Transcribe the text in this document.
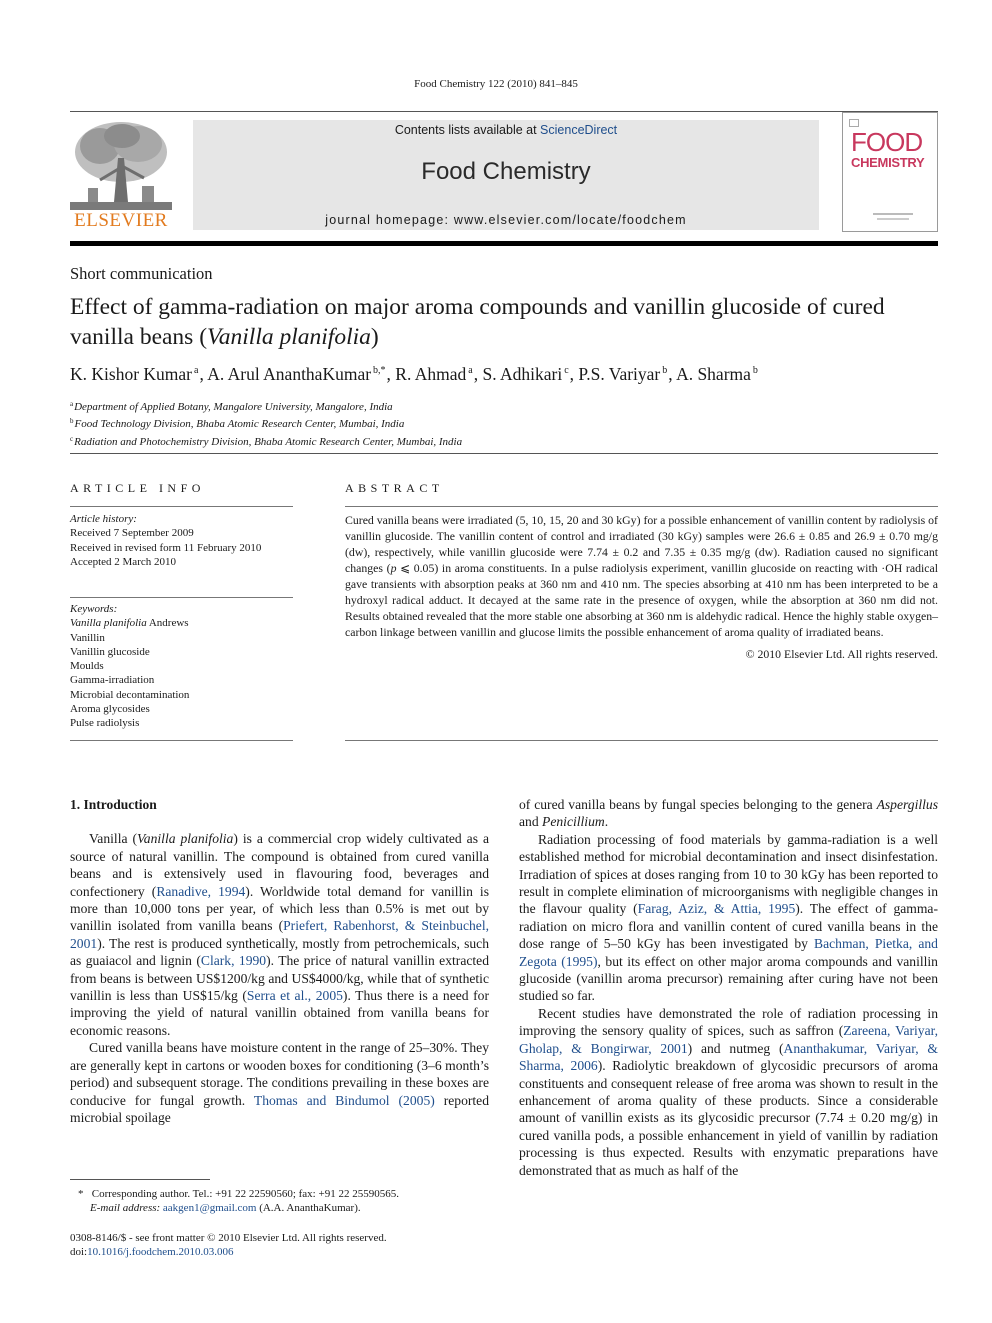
Food Chemistry 122 (2010) 841–845
ELSEVIER
Contents lists available at ScienceDirect
Food Chemistry
journal homepage: www.elsevier.com/locate/foodchem
FOOD
CHEMISTRY
Short communication
Effect of gamma-radiation on major aroma compounds and vanillin glucoside of cured vanilla beans (Vanilla planifolia)
K. Kishor Kumar $^a$, A. Arul AnanthaKumar $^{b,*}$, R. Ahmad $^a$, S. Adhikari $^c$, P.S. Variyar $^b$, A. Sharma $^b$
$^a$Department of Applied Botany, Mangalore University, Mangalore, India
$^b$Food Technology Division, Bhaba Atomic Research Center, Mumbai, India
$^c$Radiation and Photochemistry Division, Bhaba Atomic Research Center, Mumbai, India
ARTICLE INFO	ABSTRACT
Article history:
Received 7 September 2009
Received in revised form 11 February 2010
Accepted 2 March 2010
Keywords:
Vanilla planifolia Andrews
Vanillin
Vanillin glucoside
Moulds
Gamma-irradiation
Microbial decontamination
Aroma glycosides
Pulse radiolysis
Cured vanilla beans were irradiated (5, 10, 15, 20 and 30 kGy) for a possible enhancement of vanillin content by radiolysis of vanillin glucoside. The vanillin content of control and irradiated (30 kGy) samples were 26.6 ± 0.85 and 26.9 ± 0.70 mg/g (dw), respectively, while vanillin glucoside were 7.74 ± 0.2 and 7.35 ± 0.35 mg/g (dw). Radiation caused no significant changes (p ⩽ 0.05) in aroma constituents. In a pulse radiolysis experiment, vanillin glucoside on reacting with ·OH radical gave transients with absorption peaks at 360 nm and 410 nm. The species absorbing at 410 nm has been interpreted to be a hydroxyl radical adduct. It decayed at the same rate in the presence of oxygen, while the absorption at 360 nm did not. Results obtained revealed that the more stable one absorbing at 360 nm is aldehydic radical. Hence the highly stable oxygen–carbon linkage between vanillin and glucose limits the possible enhancement of aroma quality of irradiated beans.
© 2010 Elsevier Ltd. All rights reserved.
1. Introduction

Vanilla (Vanilla planifolia) is a commercial crop widely cultivated as a source of natural vanillin. The compound is obtained from cured vanilla beans and is extensively used in flavouring food, beverages and confectionery (Ranadive, 1994). Worldwide total demand for vanillin is more than 10,000 tons per year, of which less than 0.5% is met out by vanillin isolated from vanilla beans (Priefert, Rabenhorst, & Steinbuchel, 2001). The rest is produced synthetically, mostly from petrochemicals, such as guaiacol and lignin (Clark, 1990). The price of natural vanillin extracted from beans is between US$1200/kg and US$4000/kg, while that of synthetic vanillin is less than US$15/kg (Serra et al., 2005). Thus there is a need for improving the yield of natural vanillin obtained from vanilla beans for economic reasons.

Cured vanilla beans have moisture content in the range of 25–30%. They are generally kept in cartons or wooden boxes for conditioning (3–6 month’s period) and subsequent storage. The conditions prevailing in these boxes are conducive for fungal growth. Thomas and Bindumol (2005) reported microbial spoilage

of cured vanilla beans by fungal species belonging to the genera Aspergillus and Penicillium.

Radiation processing of food materials by gamma-radiation is a well established method for microbial decontamination and insect disinfestation. Irradiation of spices at doses ranging from 10 to 30 kGy has been reported to result in complete elimination of microorganisms with negligible changes in the flavour quality (Farag, Aziz, & Attia, 1995). The effect of gamma-radiation on micro flora and vanillin content of cured vanilla beans in the dose range of 5–50 kGy has been investigated by Bachman, Pietka, and Zegota (1995), but its effect on other major aroma compounds and vanillin glucoside (vanillin aroma precursor) remaining after curing have not been studied so far.

Recent studies have demonstrated the role of radiation processing in improving the sensory quality of spices, such as saffron (Zareena, Variyar, Gholap, & Bongirwar, 2001) and nutmeg (Ananthakumar, Variyar, & Sharma, 2006). Radiolytic breakdown of glycosidic precursors of aroma constituents and consequent release of free aroma was shown to result in the enhancement of aroma quality of these products. Since a considerable amount of vanillin exists as its glycosidic precursor (7.74 ± 0.20 mg/g) in cured vanilla pods, a possible enhancement in yield of vanillin by radiation processing is thus expected. Results with enzymatic preparations have demonstrated that as much as half of the

* Corresponding author. Tel.: +91 22 22590560; fax: +91 22 25590565.
E-mail address: aakgen1@gmail.com (A.A. AnanthaKumar).
0308-8146/$ - see front matter © 2010 Elsevier Ltd. All rights reserved.
doi:10.1016/j.foodchem.2010.03.006
